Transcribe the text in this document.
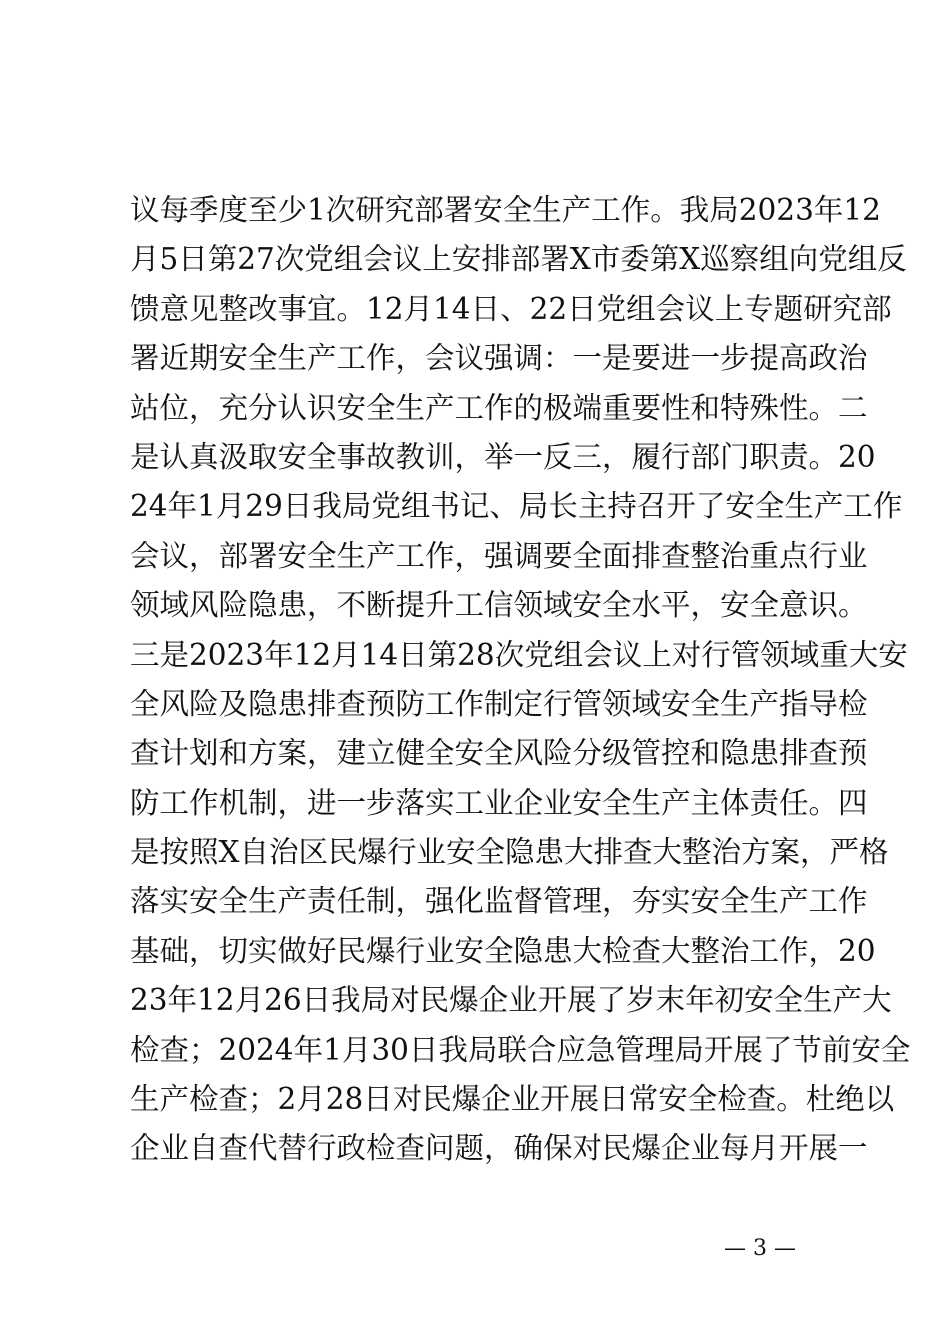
议每季度至少1次研究部署安全生产工作。我局2023年12
月5日第27次党组会议上安排部署X市委第X巡察组向党组反
馈意见整改事宜。12月14日、22日党组会议上专题研究部
署近期安全生产工作，会议强调：一是要进一步提高政治
站位，充分认识安全生产工作的极端重要性和特殊性。二
是认真汲取安全事故教训，举一反三，履行部门职责。20
24年1月29日我局党组书记、局长主持召开了安全生产工作
会议，部署安全生产工作，强调要全面排查整治重点行业
领域风险隐患，不断提升工信领域安全水平，安全意识。
三是2023年12月14日第28次党组会议上对行管领域重大安
全风险及隐患排查预防工作制定行管领域安全生产指导检
查计划和方案，建立健全安全风险分级管控和隐患排查预
防工作机制，进一步落实工业企业安全生产主体责任。四
是按照X自治区民爆行业安全隐患大排查大整治方案，严格
落实安全生产责任制，强化监督管理，夯实安全生产工作
基础，切实做好民爆行业安全隐患大检查大整治工作，20
23年12月26日我局对民爆企业开展了岁末年初安全生产大
检查；2024年1月30日我局联合应急管理局开展了节前安全
生产检查；2月28日对民爆企业开展日常安全检查。杜绝以
企业自查代替行政检查问题，确保对民爆企业每月开展一
— 3 —
